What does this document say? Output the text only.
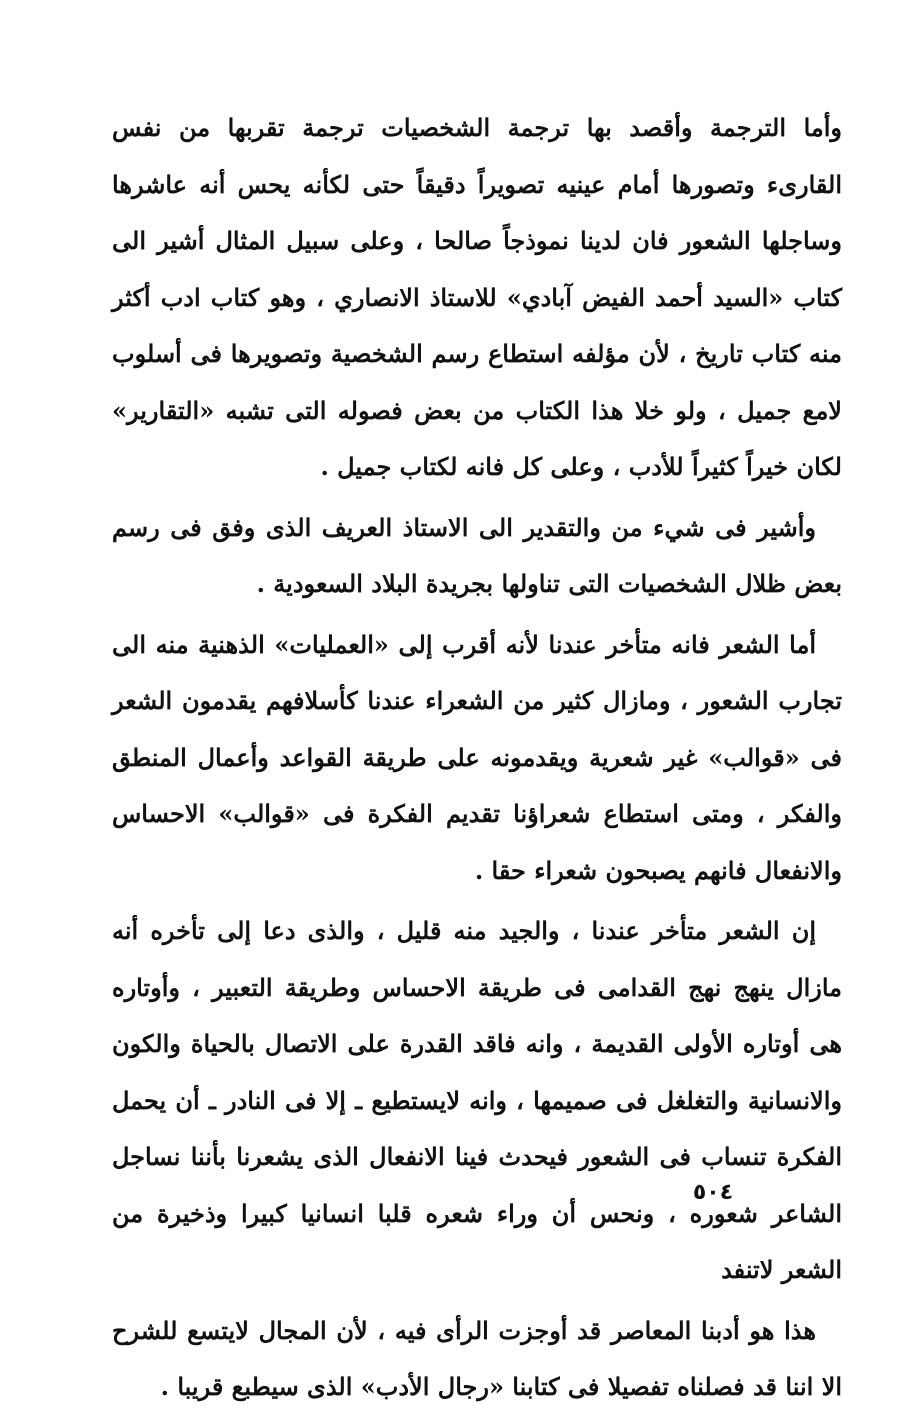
وأما الترجمة وأقصد بها ترجمة الشخصيات ترجمة تقربها من نفس القارىء وتصورها أمام عينيه تصويراً دقيقاً حتى لكأنه يحس أنه عاشرها وساجلها الشعور فان لدينا نموذجاً صالحا ، وعلى سبيل المثال أشير الى كتاب «السيد أحمد الفيض آبادي» للاستاذ الانصاري ، وهو كتاب ادب أكثر منه كتاب تاريخ ، لأن مؤلفه استطاع رسم الشخصية وتصويرها فى أسلوب لامع جميل ، ولو خلا هذا الكتاب من بعض فصوله التى تشبه «التقارير» لكان خيراً كثيراً للأدب ، وعلى كل فانه لكتاب جميل .

وأشير فى شيء من والتقدير الى الاستاذ العريف الذى وفق فى رسم بعض ظلال الشخصيات التى تناولها بجريدة البلاد السعودية .

أما الشعر فانه متأخر عندنا لأنه أقرب إلى «العمليات» الذهنية منه الى تجارب الشعور ، ومازال كثير من الشعراء عندنا كأسلافهم يقدمون الشعر فى «قوالب» غير شعرية ويقدمونه على طريقة القواعد وأعمال المنطق والفكر ، ومتى استطاع شعراؤنا تقديم الفكرة فى «قوالب» الاحساس والانفعال فانهم يصبحون شعراء حقا .

إن الشعر متأخر عندنا ، والجيد منه قليل ، والذى دعا إلى تأخره أنه مازال ينهج نهج القدامى فى طريقة الاحساس وطريقة التعبير ، وأوتاره هى أوتاره الأولى القديمة ، وانه فاقد القدرة على الاتصال بالحياة والكون والانسانية والتغلغل فى صميمها ، وانه لايستطيع ـ إلا فى النادر ـ أن يحمل الفكرة تنساب فى الشعور فيحدث فينا الانفعال الذى يشعرنا بأننا نساجل الشاعر شعوره ، ونحس أن وراء شعره قلبا انسانيا كبيرا وذخيرة من الشعر لاتنفد

هذا هو أدبنا المعاصر قد أوجزت الرأى فيه ، لأن المجال لايتسع للشرح الا اننا قد فصلناه تفصيلا فى كتابنا «رجال الأدب» الذى سيطبع قريبا .

٥٠٤
